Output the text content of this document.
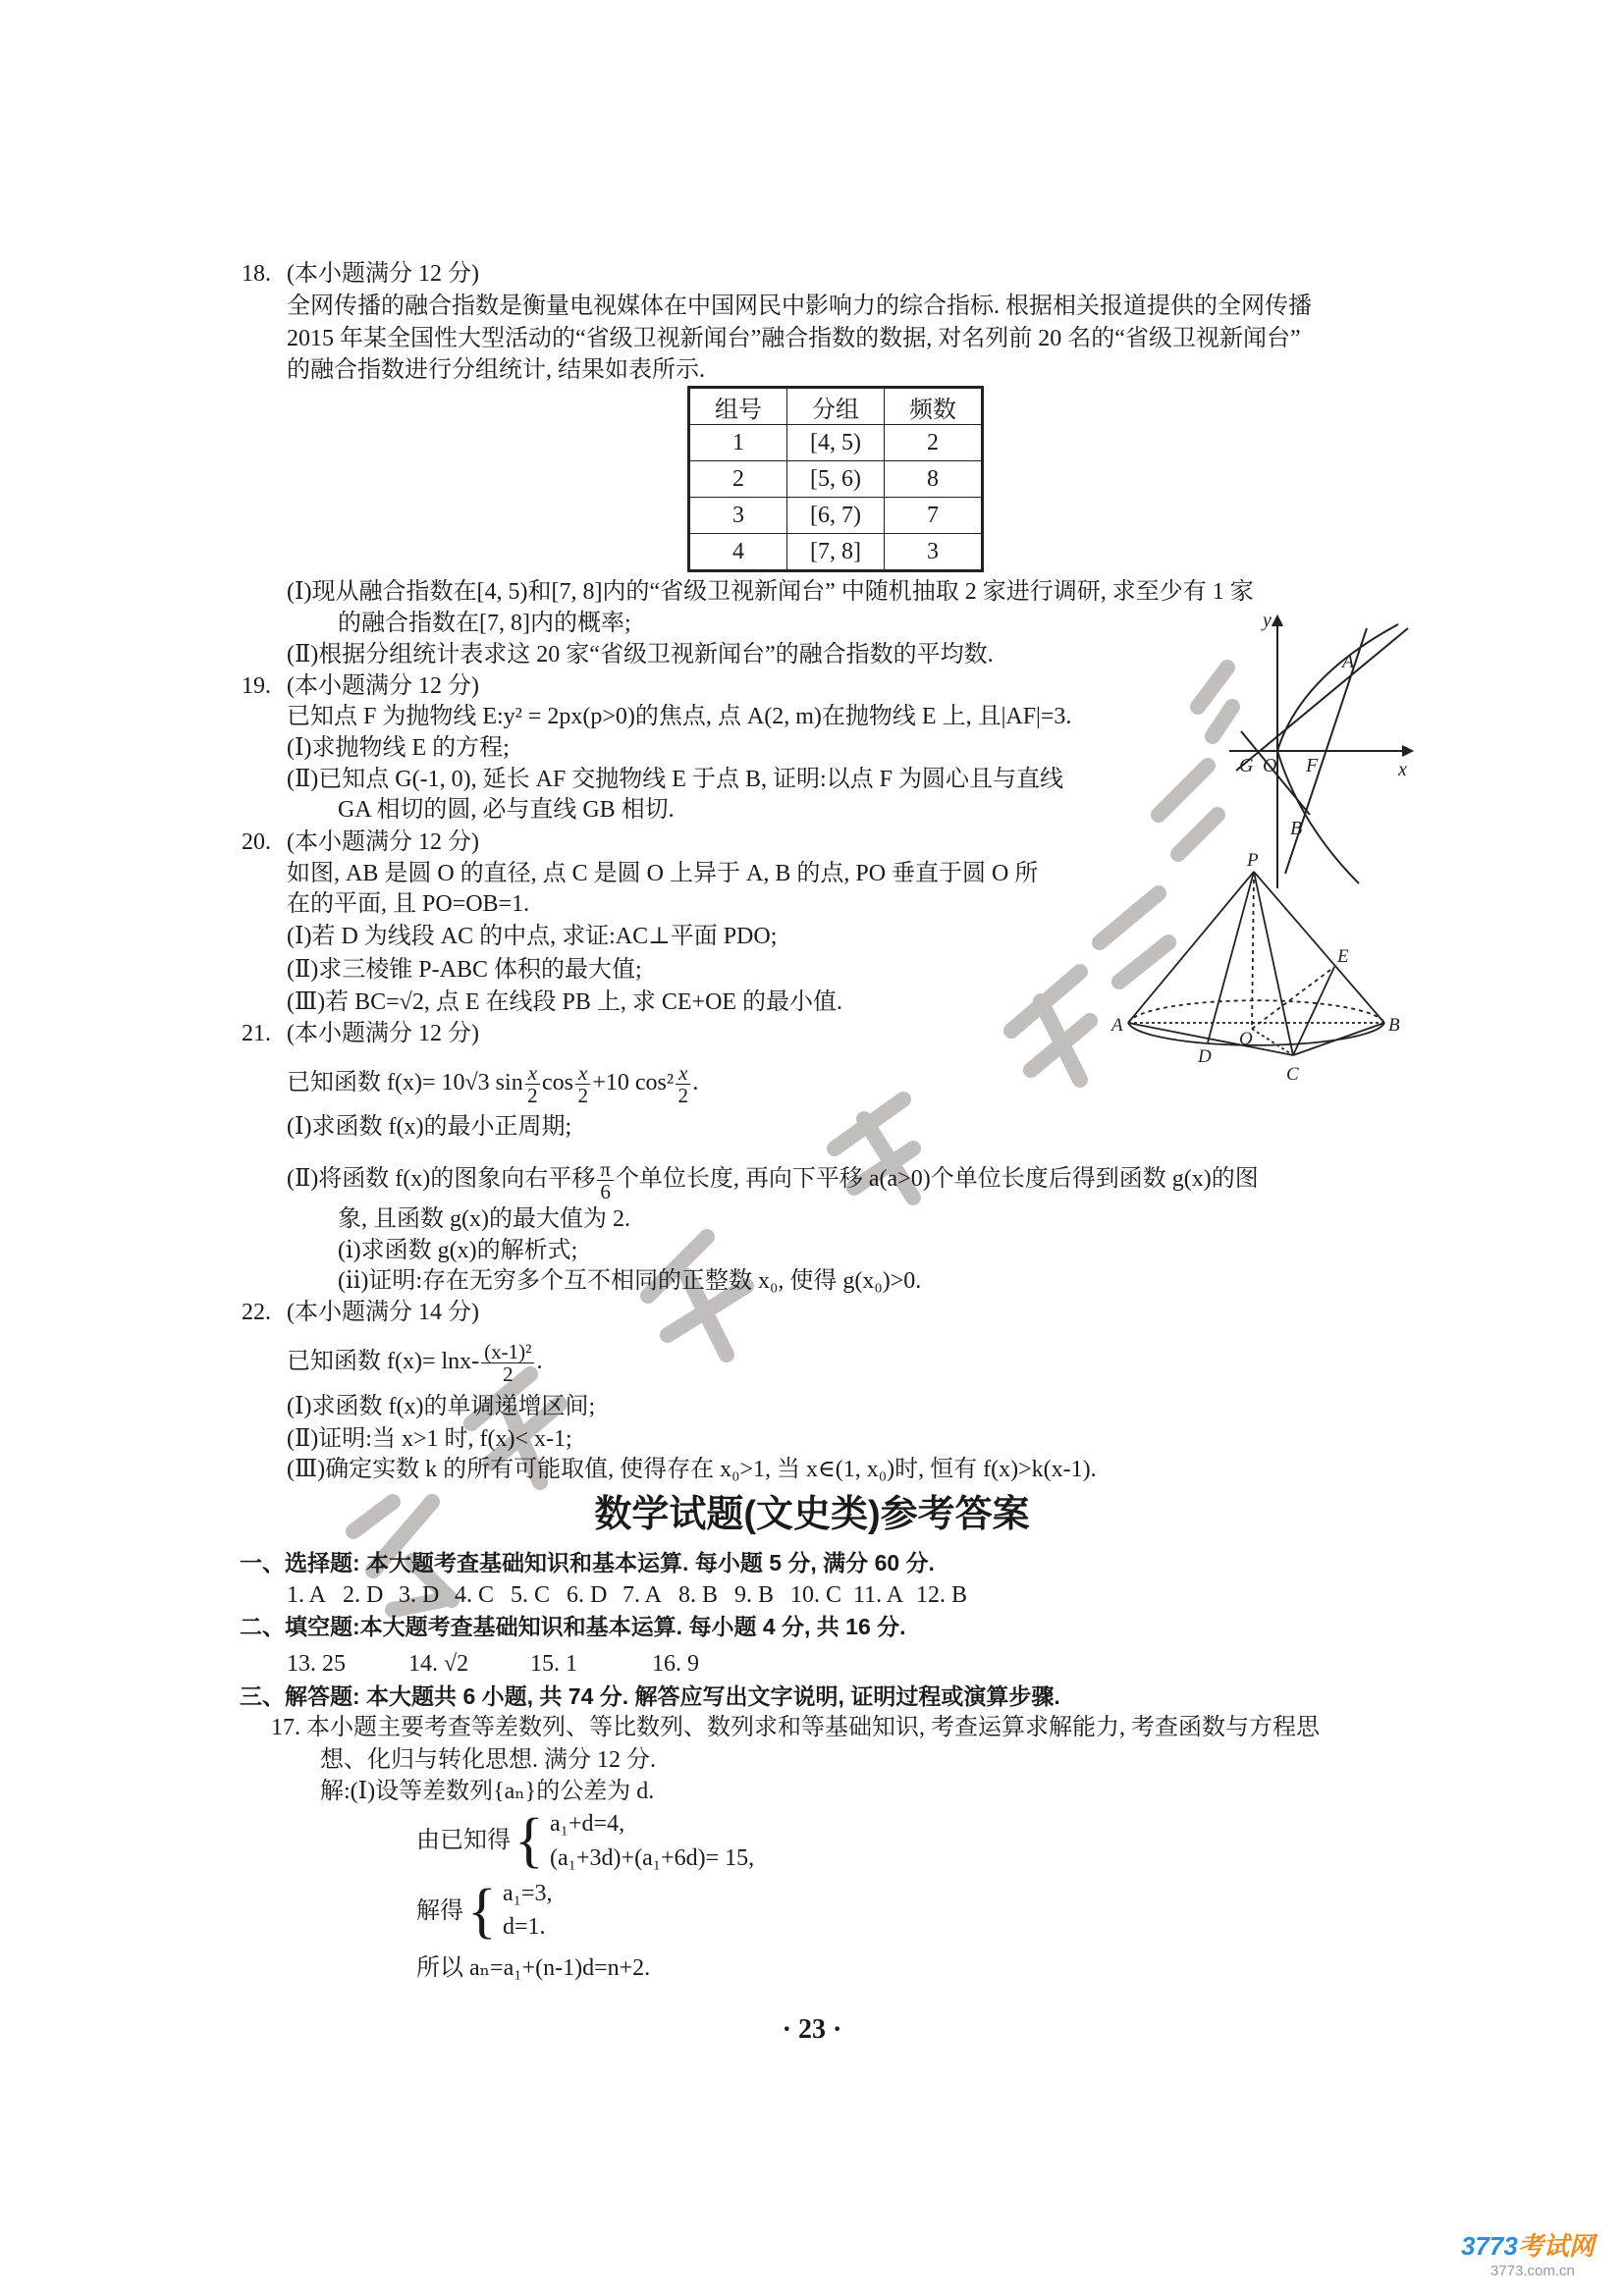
18. (本小题满分 12 分)
全网传播的融合指数是衡量电视媒体在中国网民中影响力的综合指标. 根据相关报道提供的全网传播
2015 年某全国性大型活动的“省级卫视新闻台”融合指数的数据, 对名列前 20 名的“省级卫视新闻台”
的融合指数进行分组统计, 结果如表所示.
组号	分组	频数
1	[4, 5)	2
2	[5, 6)	8
3	[6, 7)	7
4	[7, 8]	3
(Ⅰ)现从融合指数在[4, 5)和[7, 8]内的“省级卫视新闻台” 中随机抽取 2 家进行调研, 求至少有 1 家
的融合指数在[7, 8]内的概率;
(Ⅱ)根据分组统计表求这 20 家“省级卫视新闻台”的融合指数的平均数.
19. (本小题满分 12 分)
已知点 F 为抛物线 E:y² = 2px(p>0)的焦点, 点 A(2, m)在抛物线 E 上, 且|AF|=3.
(Ⅰ)求抛物线 E 的方程;
(Ⅱ)已知点 G(-1, 0), 延长 AF 交抛物线 E 于点 B, 证明:以点 F 为圆心且与直线
GA 相切的圆, 必与直线 GB 相切.
y
x
A
G O F
B
20. (本小题满分 12 分)
如图, AB 是圆 O 的直径, 点 C 是圆 O 上异于 A, B 的点, PO 垂直于圆 O 所
在的平面, 且 PO=OB=1.
(Ⅰ)若 D 为线段 AC 的中点, 求证:AC⊥平面 PDO;
(Ⅱ)求三棱锥 P-ABC 体积的最大值;
(Ⅲ)若 BC=√2, 点 E 在线段 PB 上, 求 CE+OE 的最小值.
P
E
A	B
O
D
C
21. (本小题满分 12 分)
已知函数 f(x)= 10√3 $\sin \frac{x}{2}$ $\cos \frac{x}{2} +10$ $\cos^2 \frac{x}{2}$ .
(Ⅰ)求函数 f(x)的最小正周期;
(Ⅱ)将函数 f(x)的图象向右平移 $\frac{\pi}{6}$ 个单位长度, 再向下平移 a(a>0)个单位长度后得到函数 g(x)的图
象, 且函数 g(x)的最大值为 2.
(ⅰ)求函数 g(x)的解析式;
(ⅱ)证明:存在无穷多个互不相同的正整数 x₀, 使得 g(x₀)>0.
22. (本小题满分 14 分)
已知函数 $f(x)= \ln x- \frac{\text{(x-1)²}}{2}$ .
(Ⅰ)求函数 f(x)的单调递增区间;
(Ⅱ)证明:当 x>1 时, f(x)< x-1;
(Ⅲ)确定实数 k 的所有可能取值, 使得存在 x₀>1, 当 x∈(1, x₀)时, 恒有 f(x)>k(x-1).
数学试题(文史类)参考答案
一、选择题: 本大题考查基础知识和基本运算. 每小题 5 分, 满分 60 分.
1. A 2. D 3. D 4. C 5. C 6. D 7. A 8. B 9. B 10. C 11. A 12. B
二、填空题:本大题考查基础知识和基本运算. 每小题 4 分, 共 16 分.
13. 25	14. √2	15. 1	16. 9
三、解答题: 本大题共 6 小题, 共 74 分. 解答应写出文字说明, 证明过程或演算步骤.
17. 本小题主要考查等差数列、等比数列、数列求和等基础知识, 考查运算求解能力, 考查函数与方程思
想、化归与转化思想. 满分 12 分.
解:(Ⅰ)设等差数列{aₙ}的公差为 d.
由已知得 { a₁+d=4,
(a₁+3d)+(a₁+6d)= 15,
解得 { a₁=3,
d=1.
所以 aₙ=a₁+(n-1)d=n+2.
· 23 ·
3773考试网
3773.com.cn
